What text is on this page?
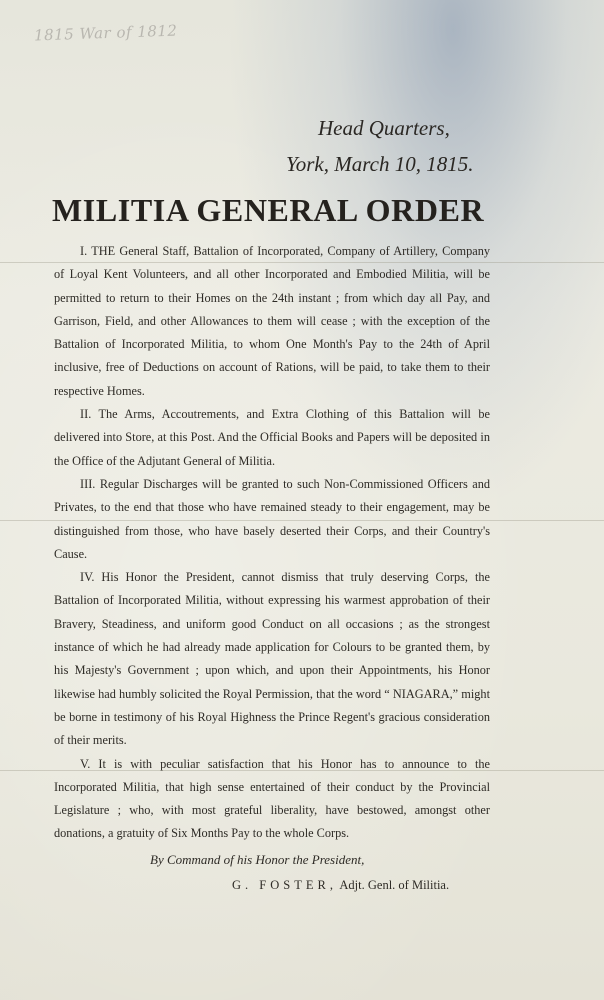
1815 War of 1812
Head Quarters,
York, March 10, 1815.
MILITIA GENERAL ORDER

I. THE General Staff, Battalion of Incorporated, Company of Artillery, Company of Loyal Kent Volunteers, and all other Incorporated and Embodied Militia, will be permitted to return to their Homes on the 24th instant ; from which day all Pay, and Garrison, Field, and other Allowances to them will cease ; with the exception of the Battalion of Incorporated Militia, to whom One Month's Pay to the 24th of April inclusive, free of Deductions on account of Rations, will be paid, to take them to their respective Homes.

II. The Arms, Accoutrements, and Extra Clothing of this Battalion will be delivered into Store, at this Post. And the Official Books and Papers will be deposited in the Office of the Adjutant General of Militia.

III. Regular Discharges will be granted to such Non-Commissioned Officers and Privates, to the end that those who have remained steady to their engagement, may be distinguished from those, who have basely deserted their Corps, and their Country's Cause.

IV. His Honor the President, cannot dismiss that truly deserving Corps, the Battalion of Incorporated Militia, without expressing his warmest approbation of their Bravery, Steadiness, and uniform good Conduct on all occasions ; as the strongest instance of which he had already made application for Colours to be granted them, by his Majesty's Government ; upon which, and upon their Appointments, his Honor likewise had humbly solicited the Royal Permission, that the word “ NIAGARA,” might be borne in testimony of his Royal Highness the Prince Regent's gracious consideration of their merits.

V. It is with peculiar satisfaction that his Honor has to announce to the Incorporated Militia, that high sense entertained of their conduct by the Provincial Legislature ; who, with most grateful liberality, have bestowed, amongst other donations, a gratuity of Six Months Pay to the whole Corps.

By Command of his Honor the President,
G. FOSTER, Adjt. Genl. of Militia.
